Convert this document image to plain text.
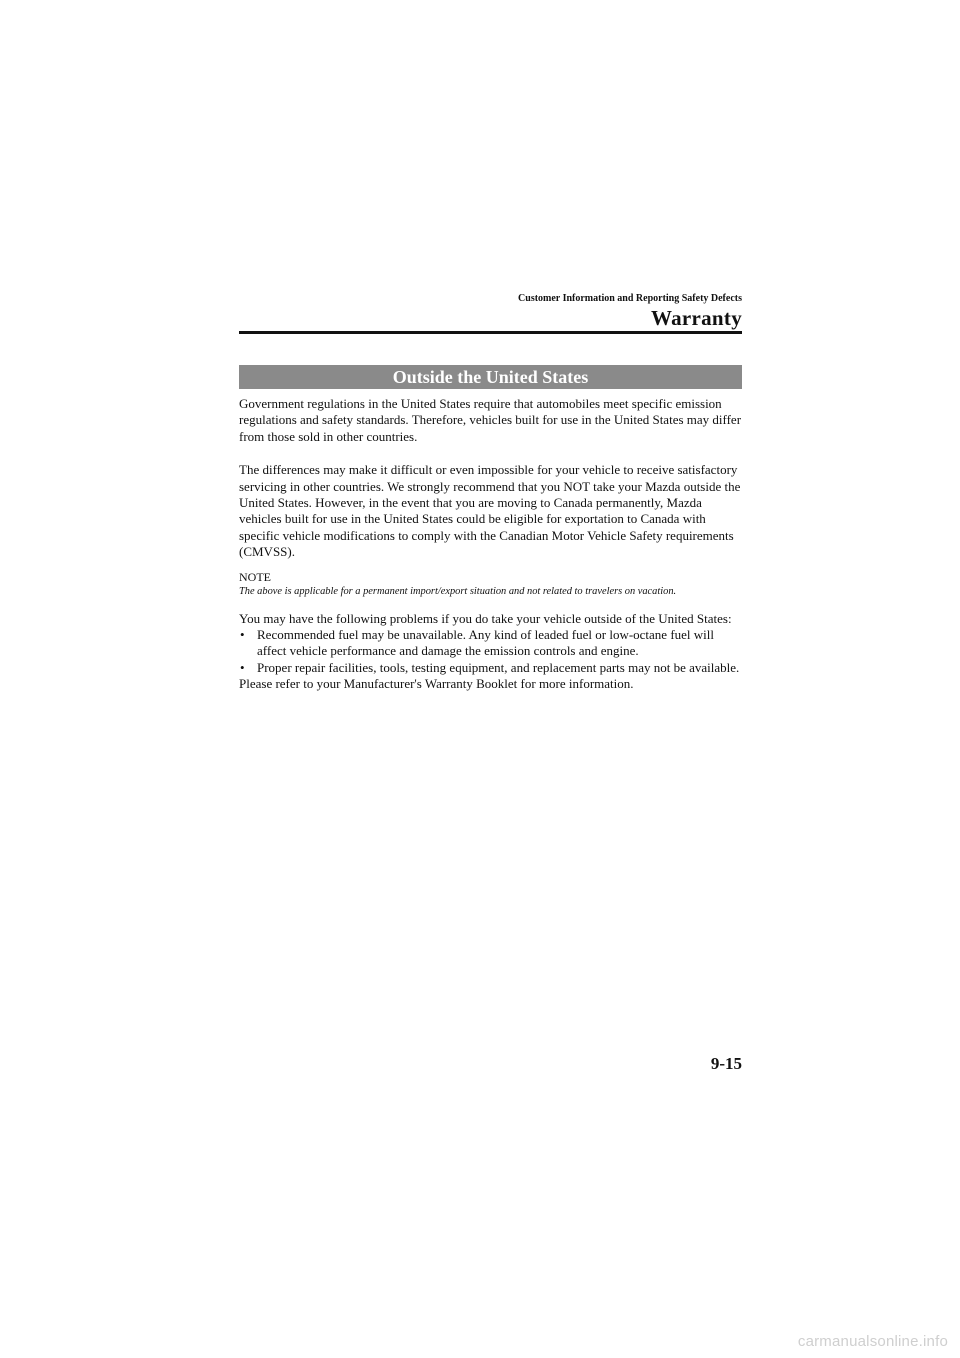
Customer Information and Reporting Safety Defects
Warranty
Outside the United States

Government regulations in the United States require that automobiles meet specific emission regulations and safety standards. Therefore, vehicles built for use in the United States may differ from those sold in other countries.

The differences may make it difficult or even impossible for your vehicle to receive satisfactory servicing in other countries. We strongly recommend that you NOT take your Mazda outside the United States. However, in the event that you are moving to Canada permanently, Mazda vehicles built for use in the United States could be eligible for exportation to Canada with specific vehicle modifications to comply with the Canadian Motor Vehicle Safety requirements (CMVSS).

NOTE

The above is applicable for a permanent import/export situation and not related to travelers on vacation.

You may have the following problems if you do take your vehicle outside of the United States:

• Recommended fuel may be unavailable. Any kind of leaded fuel or low-octane fuel will affect vehicle performance and damage the emission controls and engine.
• Proper repair facilities, tools, testing equipment, and replacement parts may not be available.

Please refer to your Manufacturer's Warranty Booklet for more information.

9-15
carmanualsonline.info
